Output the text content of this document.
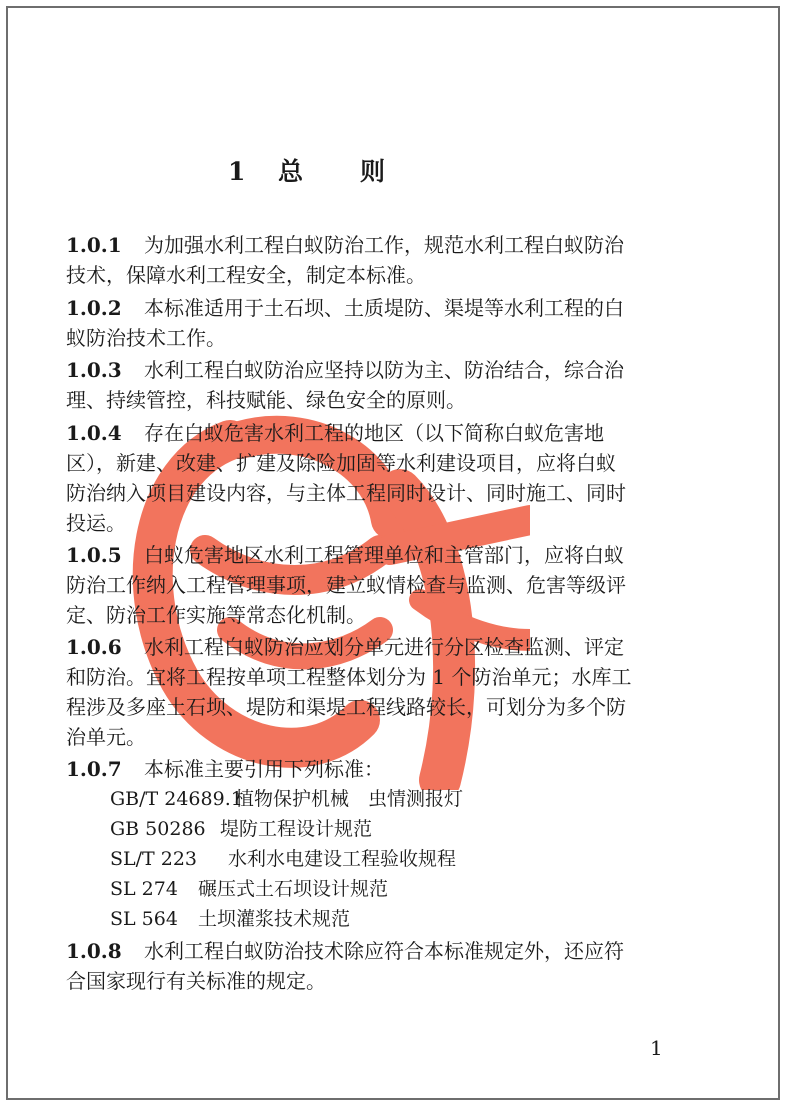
1 总 则
1.0.1 为加强水利工程白蚁防治工作，规范水利工程白蚁防治
技术，保障水利工程安全，制定本标准。
1.0.2 本标准适用于土石坝、土质堤防、渠堤等水利工程的白
蚁防治技术工作。
1.0.3 水利工程白蚁防治应坚持以防为主、防治结合，综合治
理、持续管控，科技赋能、绿色安全的原则。
1.0.4 存在白蚁危害水利工程的地区（以下简称白蚁危害地
区），新建、改建、扩建及除险加固等水利建设项目，应将白蚁
防治纳入项目建设内容，与主体工程同时设计、同时施工、同时
投运。
1.0.5 白蚁危害地区水利工程管理单位和主管部门，应将白蚁
防治工作纳入工程管理事项，建立蚁情检查与监测、危害等级评
定、防治工作实施等常态化机制。
1.0.6 水利工程白蚁防治应划分单元进行分区检查监测、评定
和防治。宜将工程按单项工程整体划分为 1 个防治单元；水库工
程涉及多座土石坝、堤防和渠堤工程线路较长，可划分为多个防
治单元。
1.0.7 本标准主要引用下列标准：
GB/T 24689.1植物保护机械　虫情测报灯
GB 50286 堤防工程设计规范
SL/T 223 水利水电建设工程验收规程
SL 274 碾压式土石坝设计规范
SL 564 土坝灌浆技术规范
1.0.8 水利工程白蚁防治技术除应符合本标准规定外，还应符
合国家现行有关标准的规定。
1
